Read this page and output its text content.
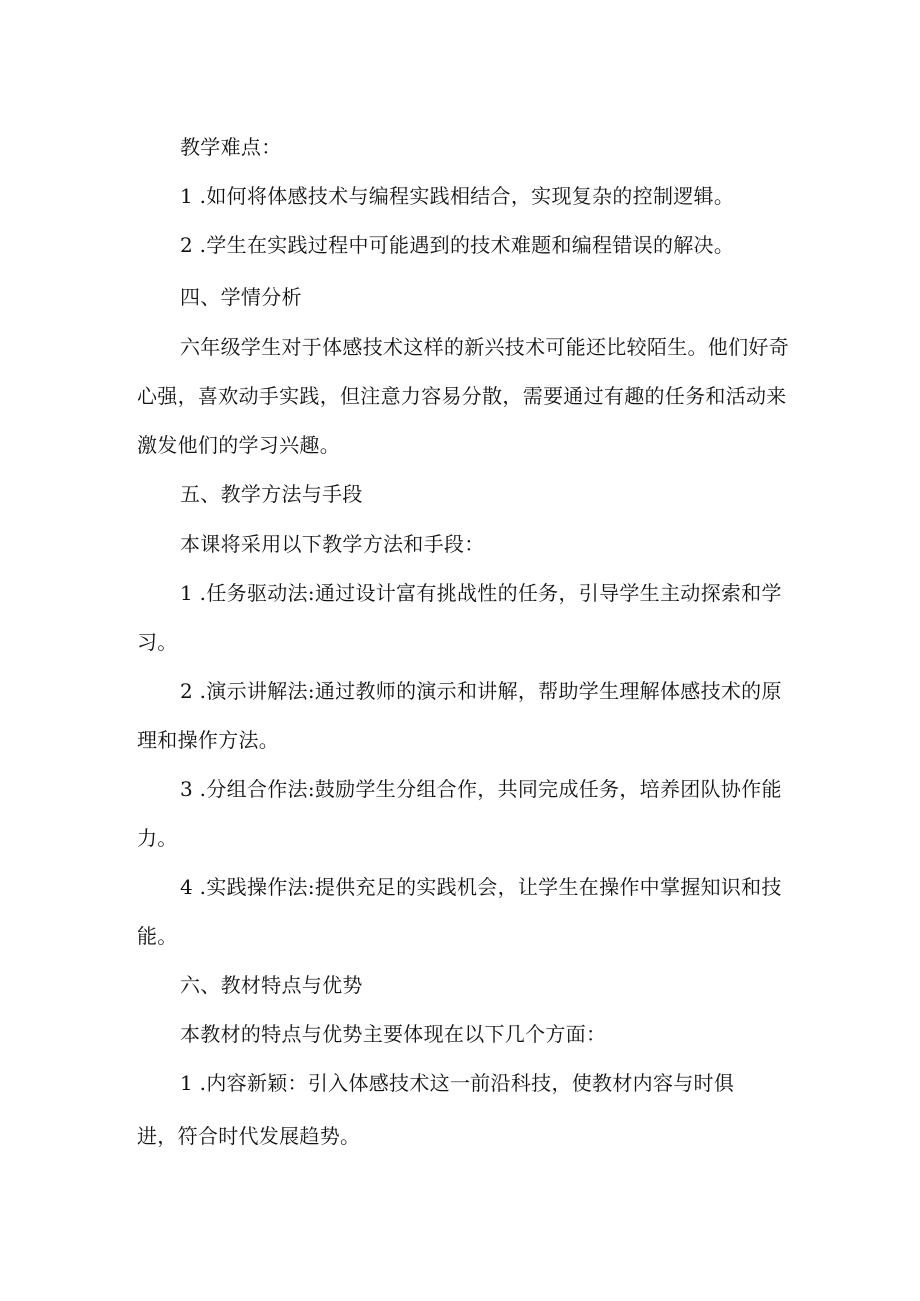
教学难点：

1 .如何将体感技术与编程实践相结合，实现复杂的控制逻辑。

2 .学生在实践过程中可能遇到的技术难题和编程错误的解决。

四、学情分析

六年级学生对于体感技术这样的新兴技术可能还比较陌生。他们好奇

心强，喜欢动手实践，但注意力容易分散，需要通过有趣的任务和活动来

激发他们的学习兴趣。

五、教学方法与手段

本课将采用以下教学方法和手段：

1 .任务驱动法:通过设计富有挑战性的任务，引导学生主动探索和学

习。

2 .演示讲解法:通过教师的演示和讲解，帮助学生理解体感技术的原

理和操作方法。

3 .分组合作法:鼓励学生分组合作，共同完成任务，培养团队协作能

力。

4 .实践操作法:提供充足的实践机会，让学生在操作中掌握知识和技

能。

六、教材特点与优势

本教材的特点与优势主要体现在以下几个方面：

1 .内容新颖：引入体感技术这一前沿科技，使教材内容与时俱

进，符合时代发展趋势。
